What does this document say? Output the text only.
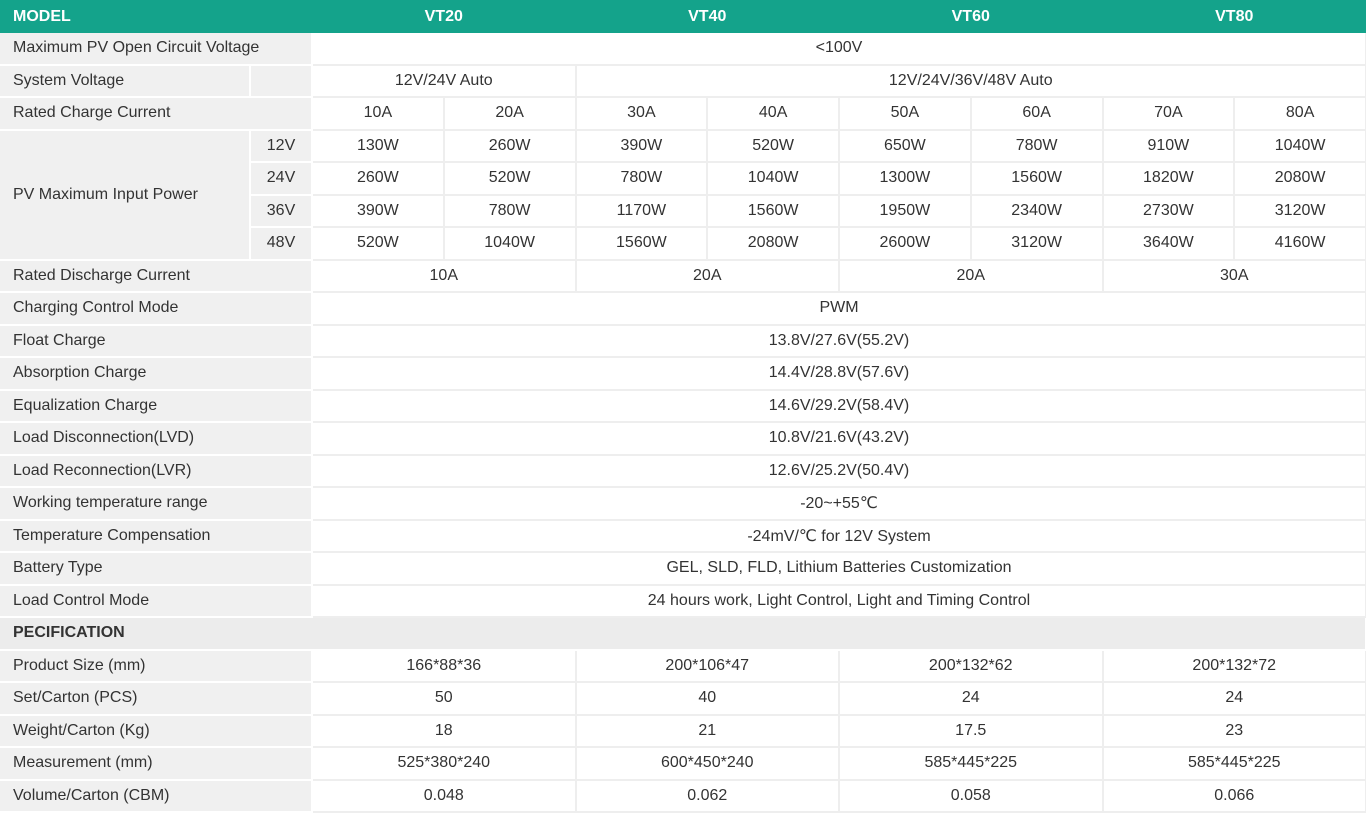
MODEL		VT20		VT40		VT60		VT80	
Maximum PV Open Circuit Voltage		<100V							
System Voltage		12V/24V Auto		12V/24V/36V/48V Auto					
Rated Charge Current		10A	20A	30A	40A	50A	60A	70A	80A
PV Maximum Input Power	12V	130W	260W	390W	520W	650W	780W	910W	1040W
	24V	260W	520W	780W	1040W	1300W	1560W	1820W	2080W
	36V	390W	780W	1170W	1560W	1950W	2340W	2730W	3120W
	48V	520W	1040W	1560W	2080W	2600W	3120W	3640W	4160W
Rated Discharge Current		10A		20A		20A		30A	
Charging Control Mode		PWM							
Float Charge		13.8V/27.6V(55.2V)							
Absorption Charge		14.4V/28.8V(57.6V)							
Equalization Charge		14.6V/29.2V(58.4V)							
Load Disconnection(LVD)		10.8V/21.6V(43.2V)							
Load Reconnection(LVR)		12.6V/25.2V(50.4V)							
Working temperature range		-20~+55℃							
Temperature Compensation		-24mV/℃ for 12V System							
Battery Type		GEL, SLD, FLD, Lithium Batteries Customization							
Load Control Mode		24 hours work, Light Control, Light and Timing Control							
PECIFICATION									
Product Size (mm)		166*88*36		200*106*47		200*132*62		200*132*72	
Set/Carton (PCS)		50		40		24		24	
Weight/Carton (Kg)		18		21		17.5		23	
Measurement (mm)		525*380*240		600*450*240		585*445*225		585*445*225	
Volume/Carton (CBM)		0.048		0.062		0.058		0.066	
